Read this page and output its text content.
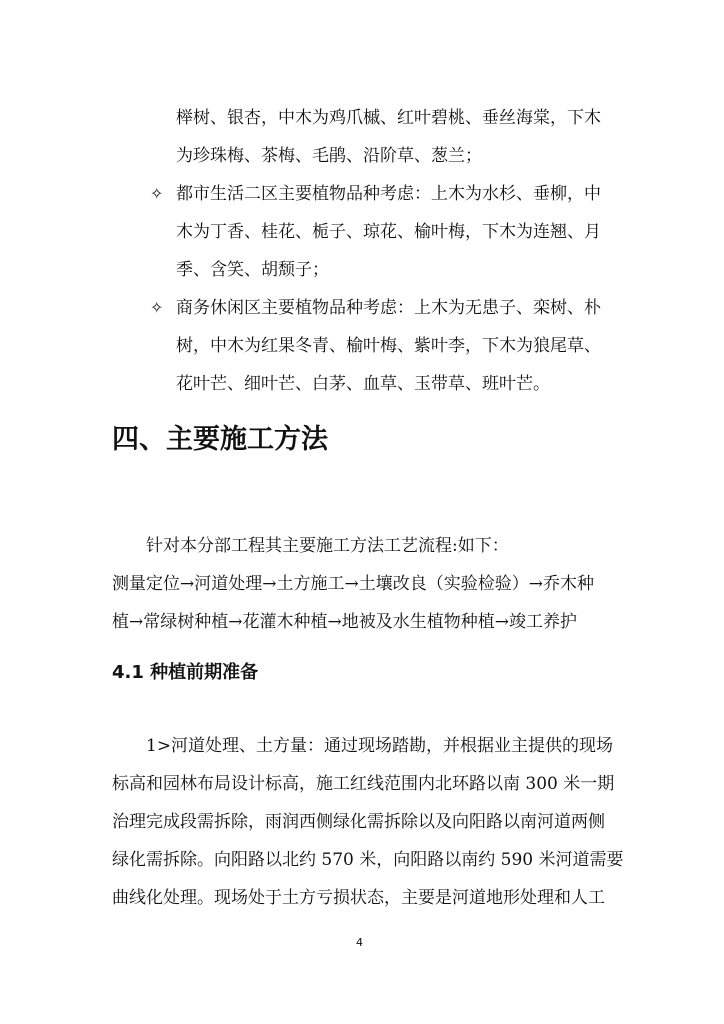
榉树、银杏，中木为鸡爪槭、红叶碧桃、垂丝海棠，下木
为珍珠梅、茶梅、毛鹃、沿阶草、葱兰；
✧ 都市生活二区主要植物品种考虑：上木为水杉、垂柳，中
木为丁香、桂花、栀子、琼花、榆叶梅，下木为连翘、月
季、含笑、胡颓子；
✧ 商务休闲区主要植物品种考虑：上木为无患子、栾树、朴
树，中木为红果冬青、榆叶梅、紫叶李，下木为狼尾草、
花叶芒、细叶芒、白茅、血草、玉带草、班叶芒。
四、主要施工方法
针对本分部工程其主要施工方法工艺流程:如下：
测量定位→河道处理→土方施工→土壤改良（实验检验）→乔木种
植→常绿树种植→花灌木种植→地被及水生植物种植→竣工养护
4.1 种植前期准备
1>河道处理、土方量：通过现场踏勘，并根据业主提供的现场
标高和园林布局设计标高，施工红线范围内北环路以南 300 米一期
治理完成段需拆除，雨润西侧绿化需拆除以及向阳路以南河道两侧
绿化需拆除。向阳路以北约 570 米，向阳路以南约 590 米河道需要
曲线化处理。现场处于土方亏损状态，主要是河道地形处理和人工
4
